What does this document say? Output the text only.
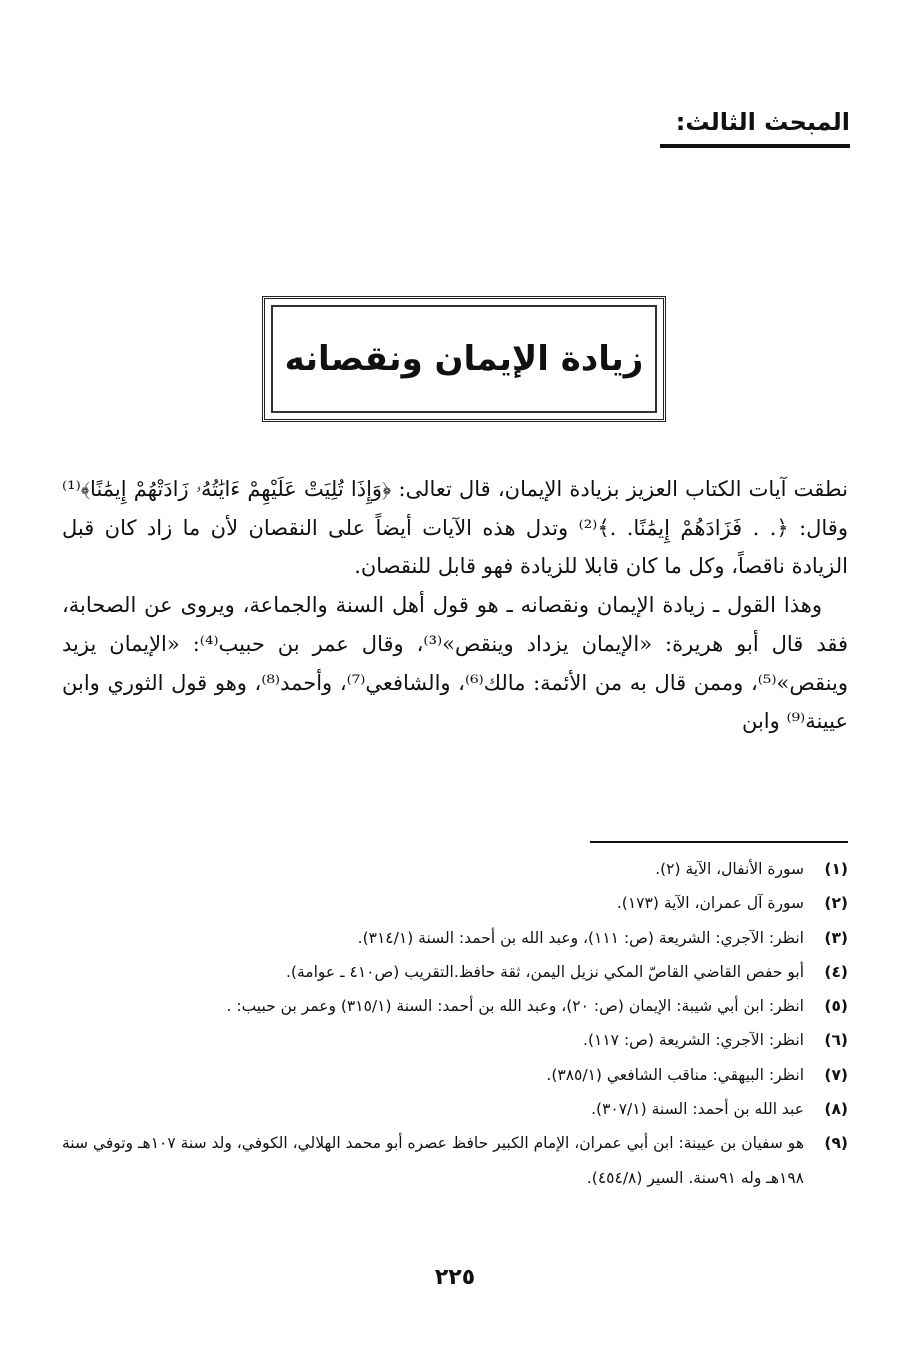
المبحث الثالث:
زيادة الإيمان ونقصانه

نطقت آيات الكتاب العزيز بزيادة الإيمان، قال تعالى: ﴿وَإِذَا تُلِيَتْ عَلَيْهِمْ ءَايَٰتُهُۥ زَادَتْهُمْ إِيمَٰنًا﴾⁽¹⁾ وقال: ﴿. . فَزَادَهُمْ إِيمَٰنًا. .﴾⁽²⁾ وتدل هذه الآيات أيضاً على النقصان لأن ما زاد كان قبل الزيادة ناقصاً، وكل ما كان قابلا للزيادة فهو قابل للنقصان.

وهذا القول ـ زيادة الإيمان ونقصانه ـ هو قول أهل السنة والجماعة، ويروى عن الصحابة، فقد قال أبو هريرة: «الإيمان يزداد وينقص»⁽³⁾، وقال عمر بن حبيب⁽⁴⁾: «الإيمان يزيد وينقص»⁽⁵⁾، وممن قال به من الأئمة: مالك⁽⁶⁾، والشافعي⁽⁷⁾، وأحمد⁽⁸⁾، وهو قول الثوري وابن عيينة⁽⁹⁾ وابن

(١)
سورة الأنفال، الآية (٢).
(٢)
سورة آل عمران، الآية (١٧٣).
(٣)
انظر: الآجري: الشريعة (ص: ١١١)، وعبد الله بن أحمد: السنة (٣١٤/١).
(٤)
أبو حفص القاضي القاصّ المكي نزيل اليمن، ثقة حافظ.التقريب (ص٤١٠ ـ عوامة).
(٥)
انظر: ابن أبي شيبة: الإيمان (ص: ٢٠)، وعبد الله بن أحمد: السنة (٣١٥/١) وعمر بن حبيب: .
(٦)
انظر: الآجري: الشريعة (ص: ١١٧).
(٧)
انظر: البيهقي: مناقب الشافعي (٣٨٥/١).
(٨)
عبد الله بن أحمد: السنة (٣٠٧/١).
(٩)
هو سفيان بن عيينة: ابن أبي عمران، الإمام الكبير حافظ عصره أبو محمد الهلالي، الكوفي، ولد سنة ١٠٧هـ وتوفي سنة ١٩٨هـ وله ٩١سنة. السير (٤٥٤/٨).
٢٢٥
